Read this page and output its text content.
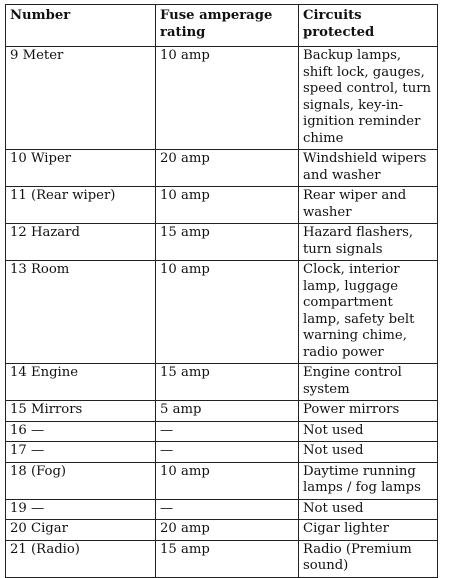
Number	Fuse amperage rating	Circuits protected
9 Meter	10 amp	Backup lamps, shift lock, gauges, speed control, turn signals, key-in-ignition reminder chime
10 Wiper	20 amp	Windshield wipers and washer
11 (Rear wiper)	10 amp	Rear wiper and washer
12 Hazard	15 amp	Hazard flashers, turn signals
13 Room	10 amp	Clock, interior lamp, luggage compartment lamp, safety belt warning chime, radio power
14 Engine	15 amp	Engine control system
15 Mirrors	5 amp	Power mirrors
16 —	—	Not used
17 —	—	Not used
18 (Fog)	10 amp	Daytime running lamps / fog lamps
19 —	—	Not used
20 Cigar	20 amp	Cigar lighter
21 (Radio)	15 amp	Radio (Premium sound)
